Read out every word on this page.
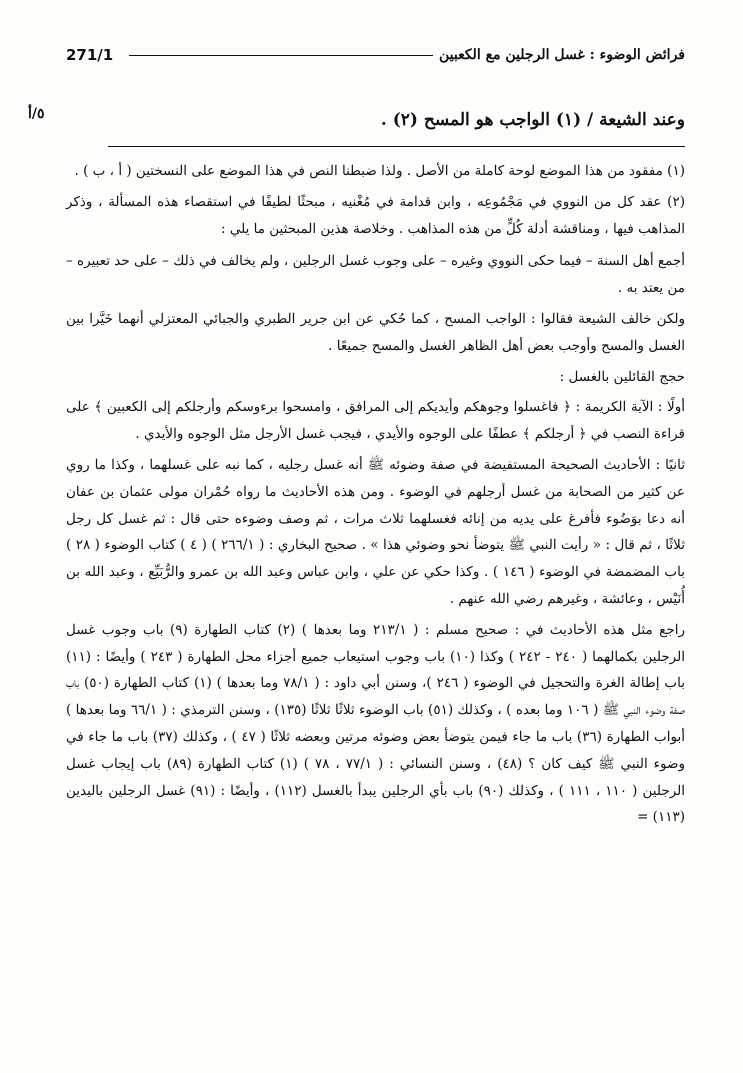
271/1	فرائض الوضوء : غسل الرجلين مع الكعبين
٥/أ	وعند الشيعة / (١) الواجب هو المسح (٢) .

(١) مفقود من هذا الموضع لوحة كاملة من الأصل . ولذا ضبطنا النص في هذا الموضع على النسختين ( أ ، ب ) .

(٢) عقد كل من النووي في مَجْمُوعِه ، وابن قدامة في مُغْنيه ، مبحثًا لطيفًا في استقصاء هذه المسألة ، وذكر المذاهب فيها ، ومناقشة أدلة كُلٍّ من هذه المذاهب . وخلاصة هذين المبحثين ما يلي :

أجمع أهل السنة – فيما حكى النووي وغيره – على وجوب غسل الرجلين ، ولم يخالف في ذلك – على حد تعبيره – من يعتد به .

ولكن خالف الشيعة فقالوا : الواجب المسح ، كما حُكي عن ابن جرير الطبري والجبائي المعتزلي أنهما خَيَّرا بين الغسل والمسح وأوجب بعض أهل الظاهر الغسل والمسح جميعًا .

حجج القائلين بالغسل :

أولًا : الآية الكريمة : ﴿ فاغسلوا وجوهكم وأيديكم إلى المرافق ، وامسحوا برءوسكم وأرجلكم إلى الكعبين ﴾ على قراءة النصب في ﴿ أرجلكم ﴾ عطفًا على الوجوه والأيدي ، فيجب غسل الأرجل مثل الوجوه والأيدي .

ثانيًا : الأحاديث الصحيحة المستفيضة في صفة وضوئه ﷺ أنه غسل رجليه ، كما نبه على غسلهما ، وكذا ما روي عن كثير من الصحابة من غسل أرجلهم في الوضوء . ومن هذه الأحاديث ما رواه حُمْران مولى عثمان بن عفان أنه دعا بوَضُوء فأفرغ على يديه من إنائه فغسلهما ثلاث مرات ، ثم وصف وضوءه حتى قال : ثم غسل كل رجل ثلاثًا ، ثم قال : « رأيت النبي ﷺ يتوضأ نحو وضوئي هذا » . صحيح البخاري : ( ٢٦٦/١ ) ( ٤ ) كتاب الوضوء ( ٢٨ ) باب المضمضة في الوضوء ( ١٤٦ ) . وكذا حكي عن علي ، وابن عباس وعبد الله بن عمرو والرُّبَيِّع ، وعبد الله بن أُنَيْس ، وعائشة ، وغيرهم رضي الله عنهم .

راجع مثل هذه الأحاديث في : صحيح مسلم : ( ٢١٣/١ وما بعدها ) (٢) كتاب الطهارة (٩) باب وجوب غسل الرجلين بكمالهما ( ٢٤٠ - ٢٤٢ ) وكذا (١٠) باب وجوب استيعاب جميع أجزاء محل الطهارة ( ٢٤٣ ) وأيضًا : (١١) باب إطالة الغرة والتحجيل في الوضوء ( ٢٤٦ )، وسنن أبي داود : ( ٧٨/١ وما بعدها ) (١) كتاب الطهارة (٥٠) باب صفة وضوء النبي ﷺ ( ١٠٦ وما بعده ) ، وكذلك (٥١) باب الوضوء ثلاثًا ثلاثًا (١٣٥) ، وسنن الترمذي : ( ٦٦/١ وما بعدها ) أبواب الطهارة (٣٦) باب ما جاء فيمن يتوضأ بعض وضوئه مرتين وبعضه ثلاثًا ( ٤٧ ) ، وكذلك (٣٧) باب ما جاء في وضوء النبي ﷺ كيف كان ؟ (٤٨) ، وسنن النسائي : ( ٧٧/١ ، ٧٨ ) (١) كتاب الطهارة (٨٩) باب إيجاب غسل الرجلين ( ١١٠ ، ١١١ ) ، وكذلك (٩٠) باب بأي الرجلين يبدأ بالغسل (١١٢) ، وأيضًا : (٩١) غسل الرجلين باليدين (١١٣) =
